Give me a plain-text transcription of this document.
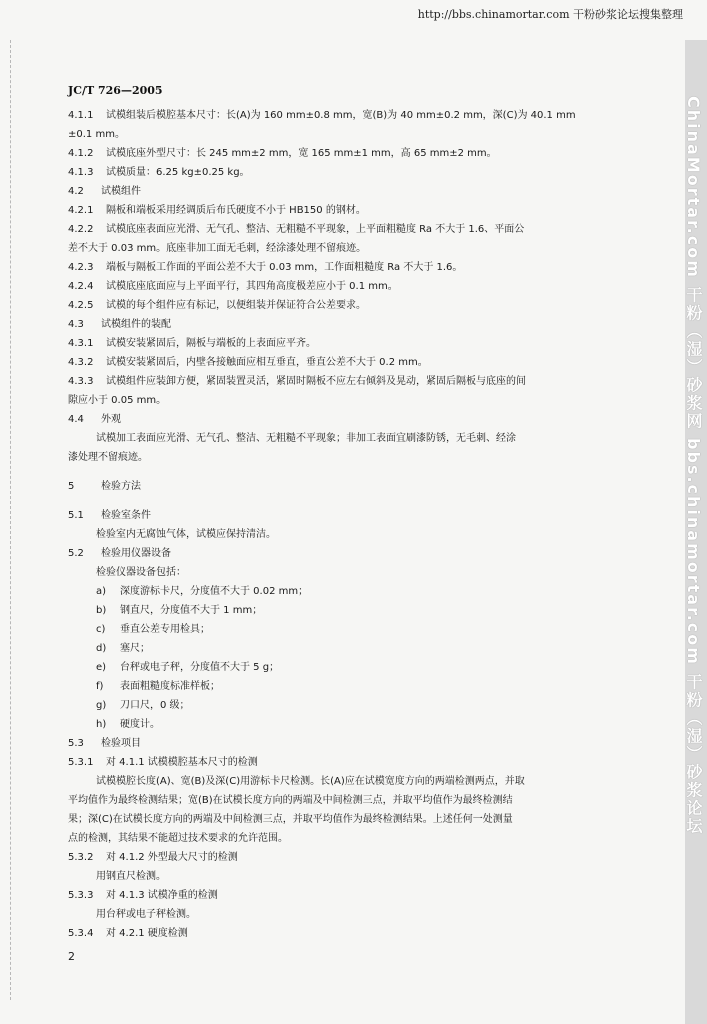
http://bbs.chinamortar.com 干粉砂浆论坛搜集整理
JC/T 726—2005
4.1.1 试模组装后模腔基本尺寸：长(A)为 160 mm±0.8 mm，宽(B)为 40 mm±0.2 mm，深(C)为 40.1 mm
±0.1 mm。
4.1.2 试模底座外型尺寸：长 245 mm±2 mm，宽 165 mm±1 mm，高 65 mm±2 mm。
4.1.3 试模质量：6.25 kg±0.25 kg。
4.2 试模组件
4.2.1 隔板和端板采用经调质后布氏硬度不小于 HB150 的钢材。
4.2.2 试模底座表面应光滑、无气孔、整洁、无粗糙不平现象，上平面粗糙度 Ra 不大于 1.6、平面公
差不大于 0.03 mm。底座非加工面无毛刺，经涂漆处理不留痕迹。
4.2.3 端板与隔板工作面的平面公差不大于 0.03 mm，工作面粗糙度 Ra 不大于 1.6。
4.2.4 试模底座底面应与上平面平行，其四角高度极差应小于 0.1 mm。
4.2.5 试模的每个组件应有标记，以便组装并保证符合公差要求。
4.3 试模组件的装配
4.3.1 试模安装紧固后，隔板与端板的上表面应平齐。
4.3.2 试模安装紧固后，内壁各接触面应相互垂直，垂直公差不大于 0.2 mm。
4.3.3 试模组件应装卸方便，紧固装置灵活，紧固时隔板不应左右倾斜及晃动，紧固后隔板与底座的间
隙应小于 0.05 mm。
4.4 外观
试模加工表面应光滑、无气孔、整洁、无粗糙不平现象；非加工表面宜刷漆防锈，无毛刺、经涂
漆处理不留痕迹。
5	检验方法
5.1 检验室条件
检验室内无腐蚀气体，试模应保持清洁。
5.2 检验用仪器设备
检验仪器设备包括：
a) 深度游标卡尺，分度值不大于 0.02 mm；
b) 钢直尺，分度值不大于 1 mm；
c) 垂直公差专用检具；
d) 塞尺；
e) 台秤或电子秤，分度值不大于 5 g；
f) 表面粗糙度标准样板；
g) 刀口尺，0 级；
h) 硬度计。
5.3 检验项目
5.3.1 对 4.1.1 试模模腔基本尺寸的检测
试模模腔长度(A)、宽(B)及深(C)用游标卡尺检测。长(A)应在试模宽度方向的两端检测两点，并取
平均值作为最终检测结果；宽(B)在试模长度方向的两端及中间检测三点，并取平均值作为最终检测结
果；深(C)在试模长度方向的两端及中间检测三点，并取平均值作为最终检测结果。上述任何一处测量
点的检测，其结果不能超过技术要求的允许范围。
5.3.2 对 4.1.2 外型最大尺寸的检测
用钢直尺检测。
5.3.3 对 4.1.3 试模净重的检测
用台秤或电子秤检测。
5.3.4 对 4.2.1 硬度检测
ChinaMortar.com 干粉（湿）砂浆网 bbs.chinamortar.com 干粉（湿）砂浆论坛
2
